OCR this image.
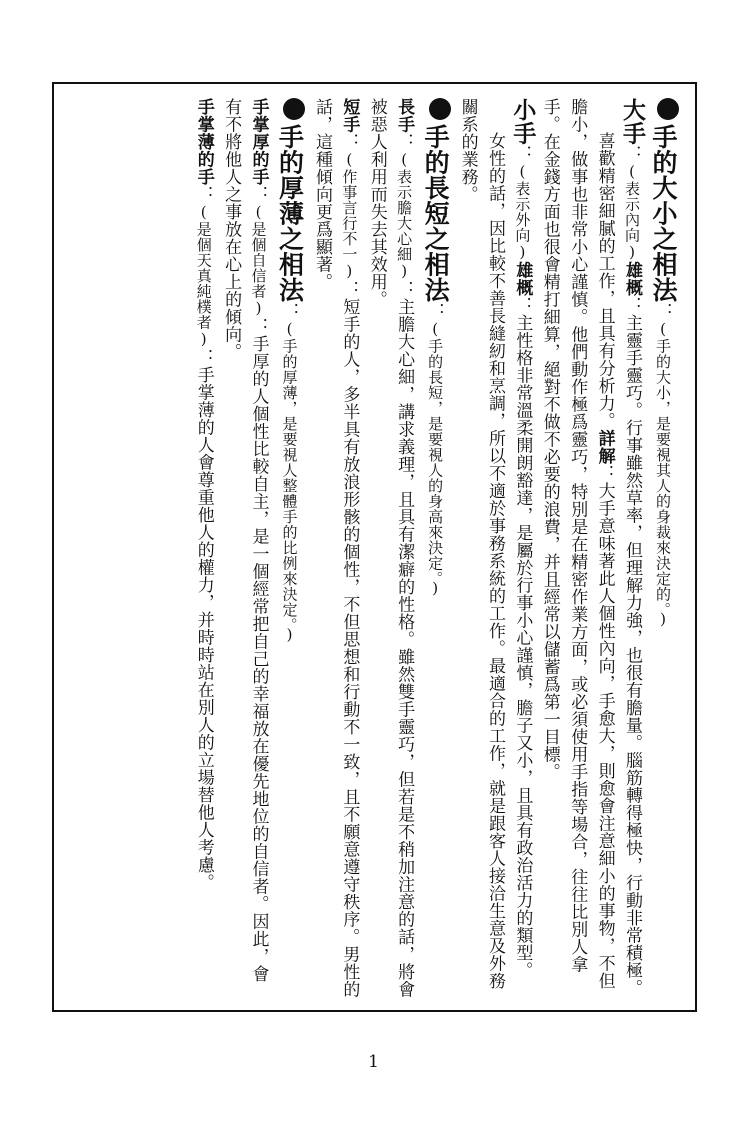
手的大小之相法：(手的大小，是要視其人的身裁來決定的。)

大手：(表示內向)雄概：主靈手靈巧。行事雖然草率，但理解力強，也很有膽量。腦筋轉得極快，行動非常積極。

喜歡精密細膩的工作，且具有分析力。詳解：大手意味著此人個性內向，手愈大，則愈會注意細小的事物，不但膽小，做事也非常小心謹慎。他們動作極爲靈巧，特別是在精密作業方面，或必須使用手指等場合，往往比別人拿手。在金錢方面也很會精打細算，絕對不做不必要的浪費，并且經常以儲蓄爲第一目標。

小手：(表示外向)雄概：主性格非常溫柔開朗豁達，是屬於行事小心謹慎，膽子又小，且具有政治活力的類型。

女性的話，因比較不善長縫紉和烹調，所以不適於事務系統的工作。最適合的工作，就是跟客人接洽生意及外務關系的業務。

手的長短之相法：(手的長短，是要視人的身高來決定。)

長手：(表示膽大心細)：主膽大心細，講求義理，且具有潔癖的性格。雖然雙手靈巧，但若是不稍加注意的話，將會被惡人利用而失去其效用。

短手：(作事言行不一)：短手的人，多半具有放浪形骸的個性，不但思想和行動不一致，且不願意遵守秩序。男性的話，這種傾向更爲顯著。

手的厚薄之相法：(手的厚薄，是要視人整體手的比例來決定。)

手掌厚的手：(是個自信者)：手厚的人個性比較自主，是一個經常把自己的幸福放在優先地位的自信者。因此，會有不將他人之事放在心上的傾向。

手掌薄的手：(是個天真純樸者)：手掌薄的人會尊重他人的權力，并時時站在別人的立場替他人考慮。

1
